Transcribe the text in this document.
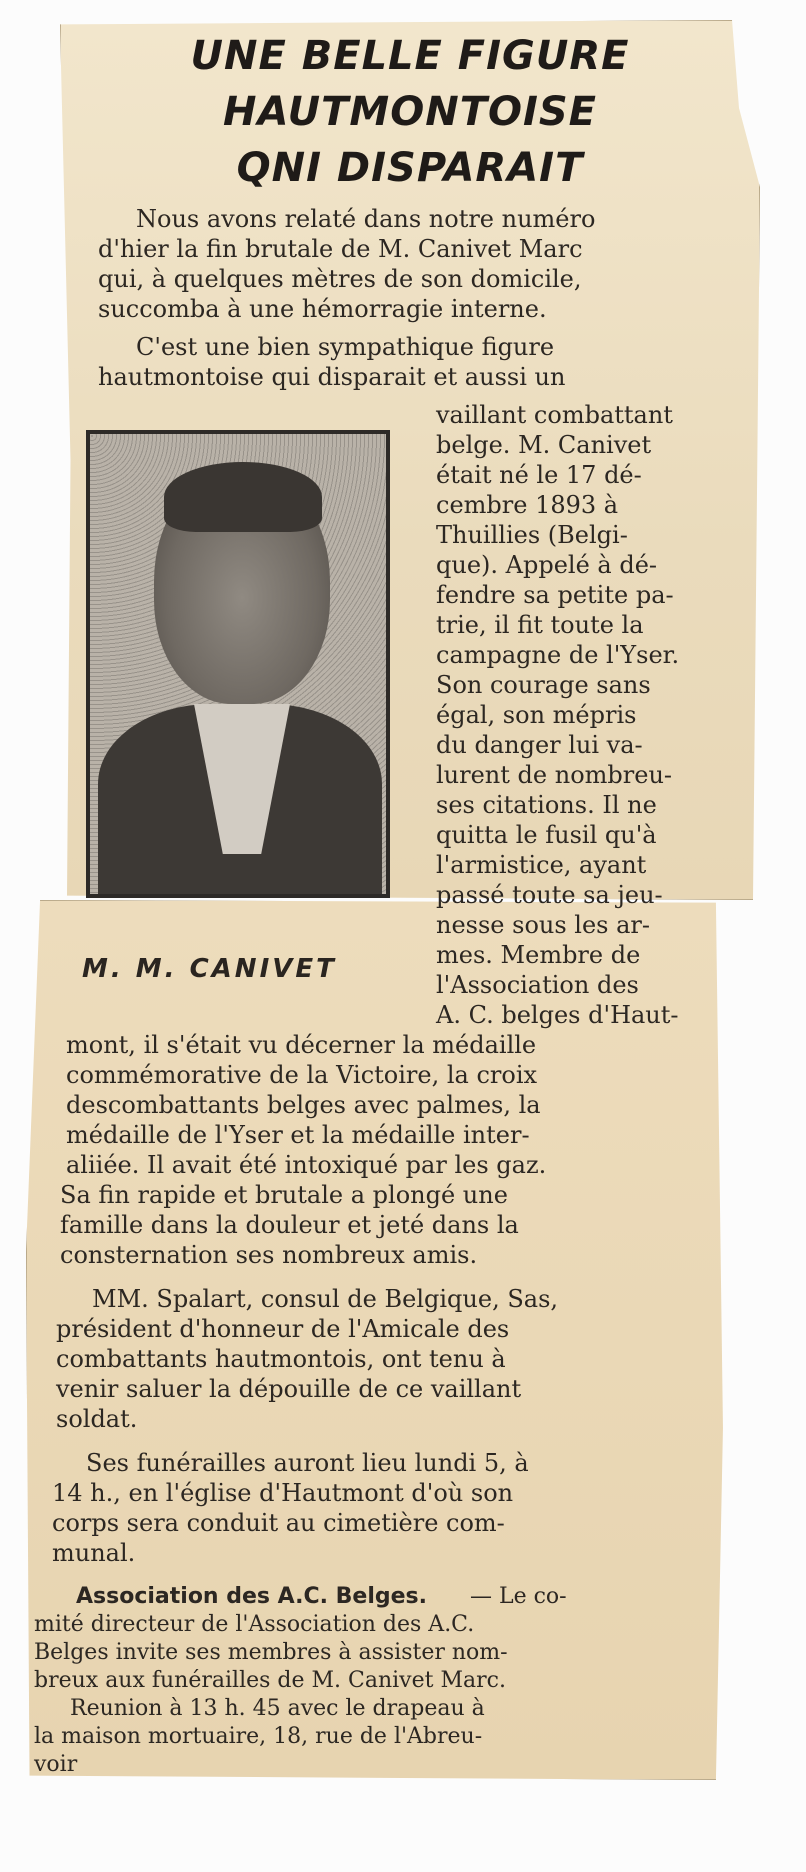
UNE BELLE FIGURE
HAUTMONTOISE
QNI DISPARAIT
M. M. CANIVET
Nous avons relaté dans notre numéro
d'hier la fin brutale de M. Canivet Marc
qui, à quelques mètres de son domicile,
succomba à une hémorragie interne.
C'est une bien sympathique figure
hautmontoise qui disparait et aussi un
vaillant combattant
belge. M. Canivet
était né le 17 dé-
cembre 1893 à
Thuillies (Belgi-
que). Appelé à dé-
fendre sa petite pa-
trie, il fit toute la
campagne de l'Yser.
Son courage sans
égal, son mépris
du danger lui va-
lurent de nombreu-
ses citations. Il ne
quitta le fusil qu'à
l'armistice, ayant
passé toute sa jeu-
nesse sous les ar-
mes. Membre de
l'Association des
A. C. belges d'Haut-
mont, il s'était vu décerner la médaille
commémorative de la Victoire, la croix
descombattants belges avec palmes, la
médaille de l'Yser et la médaille inter-
aliiée. Il avait été intoxiqué par les gaz.
Sa fin rapide et brutale a plongé une
famille dans la douleur et jeté dans la
consternation ses nombreux amis.
MM. Spalart, consul de Belgique, Sas,
président d'honneur de l'Amicale des
combattants hautmontois, ont tenu à
venir saluer la dépouille de ce vaillant
soldat.
Ses funérailles auront lieu lundi 5, à
14 h., en l'église d'Hautmont d'où son
corps sera conduit au cimetière com-
munal.
Association des A.C. Belges. — Le co-
mité directeur de l'Association des A.C.
Belges invite ses membres à assister nom-
breux aux funérailles de M. Canivet Marc.
Reunion à 13 h. 45 avec le drapeau à
la maison mortuaire, 18, rue de l'Abreu-
voir
